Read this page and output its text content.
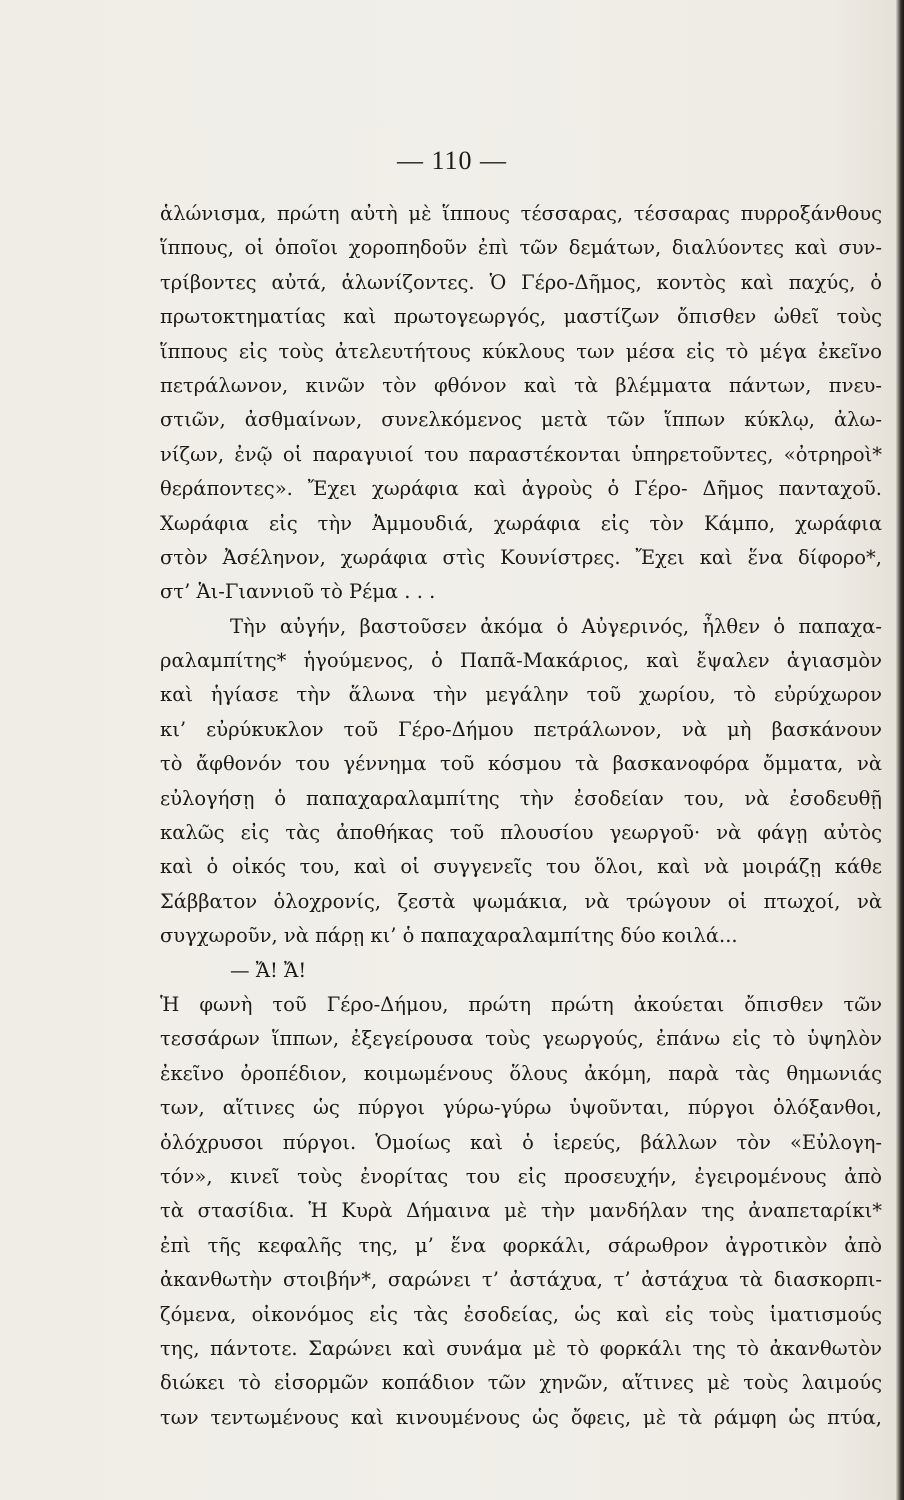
— 110 —
ἁλώνισμα, πρώτη αὐτὴ μὲ ἵππους τέσσαρας, τέσσαρας πυρροξάνθους
ἵππους, οἱ ὁποῖοι χοροπηδοῦν ἐπὶ τῶν δεμάτων, διαλύοντες καὶ συν-
τρίβοντες αὐτά, ἁλωνίζοντες. Ὁ Γέρο-Δῆμος, κοντὸς καὶ παχύς, ὁ
πρωτοκτηματίας καὶ πρωτογεωργός, μαστίζων ὄπισθεν ὠθεῖ τοὺς
ἵππους εἰς τοὺς ἀτελευτήτους κύκλους των μέσα εἰς τὸ μέγα ἐκεῖνο
πετράλωνον, κινῶν τὸν φθόνον καὶ τὰ βλέμματα πάντων, πνευ-
στιῶν, ἀσθμαίνων, συνελκόμενος μετὰ τῶν ἵππων κύκλῳ, ἀλω-
νίζων, ἐνῷ οἱ παραγυιοί του παραστέκονται ὑπηρετοῦντες, «ὀτρηροὶ*
θεράποντες». Ἔχει χωράφια καὶ ἀγροὺς ὁ Γέρο- Δῆμος πανταχοῦ.
Χωράφια εἰς τὴν Ἀμμουδιά, χωράφια εἰς τὸν Κάμπο, χωράφια
στὸν Ἀσέληνον, χωράφια στὶς Κουνίστρες. Ἔχει καὶ ἕνα δίφορο*,
στ’ Ἁι-Γιαννιοῦ τὸ Ρέμα . . .
Τὴν αὐγήν, βαστοῦσεν ἀκόμα ὁ Αὐγερινός, ἦλθεν ὁ παπαχα-
ραλαμπίτης* ἡγούμενος, ὁ Παπᾶ-Μακάριος, καὶ ἔψαλεν ἁγιασμὸν
καὶ ἡγίασε τὴν ἅλωνα τὴν μεγάλην τοῦ χωρίου, τὸ εὐρύχωρον
κι’ εὐρύκυκλον τοῦ Γέρο-Δήμου πετράλωνον, νὰ μὴ βασκάνουν
τὸ ἄφθονόν του γέννημα τοῦ κόσμου τὰ βασκανοφόρα ὄμματα, νὰ
εὐλογήσῃ ὁ παπαχαραλαμπίτης τὴν ἐσοδείαν του, νὰ ἐσοδευθῇ
καλῶς εἰς τὰς ἀποθήκας τοῦ πλουσίου γεωργοῦ· νὰ φάγῃ αὐτὸς
καὶ ὁ οἰκός του, καὶ οἱ συγγενεῖς του ὅλοι, καὶ νὰ μοιράζῃ κάθε
Σάββατον ὁλοχρονίς, ζεστὰ ψωμάκια, νὰ τρώγουν οἱ πτωχοί, νὰ
συγχωροῦν, νὰ πάρῃ κι’ ὁ παπαχαραλαμπίτης δύο κοιλά...
— Ἄ! Ἄ!
Ἡ φωνὴ τοῦ Γέρο-Δήμου, πρώτη πρώτη ἀκούεται ὄπισθεν τῶν
τεσσάρων ἵππων, ἐξεγείρουσα τοὺς γεωργούς, ἐπάνω εἰς τὸ ὑψηλὸν
ἐκεῖνο ὀροπέδιον, κοιμωμένους ὅλους ἀκόμη, παρὰ τὰς θημωνιάς
των, αἵτινες ὡς πύργοι γύρω-γύρω ὑψοῦνται, πύργοι ὁλόξανθοι,
ὁλόχρυσοι πύργοι. Ὁμοίως καὶ ὁ ἱερεύς, βάλλων τὸν «Εὐλογη-
τόν», κινεῖ τοὺς ἐνορίτας του εἰς προσευχήν, ἐγειρομένους ἀπὸ
τὰ στασίδια. Ἡ Κυρὰ Δήμαινα μὲ τὴν μανδήλαν της ἀναπεταρίκι*
ἐπὶ τῆς κεφαλῆς της, μ’ ἕνα φορκάλι, σάρωθρον ἀγροτικὸν ἀπὸ
ἀκανθωτὴν στοιβήν*, σαρώνει τ’ ἀστάχυα, τ’ ἀστάχυα τὰ διασκορπι-
ζόμενα, οἰκονόμος εἰς τὰς ἐσοδείας, ὡς καὶ εἰς τοὺς ἱματισμούς
της, πάντοτε. Σαρώνει καὶ συνάμα μὲ τὸ φορκάλι της τὸ ἀκανθωτὸν
διώκει τὸ εἰσορμῶν κοπάδιον τῶν χηνῶν, αἵτινες μὲ τοὺς λαιμούς
των τεντωμένους καὶ κινουμένους ὡς ὄφεις, μὲ τὰ ράμφη ὡς πτύα,
